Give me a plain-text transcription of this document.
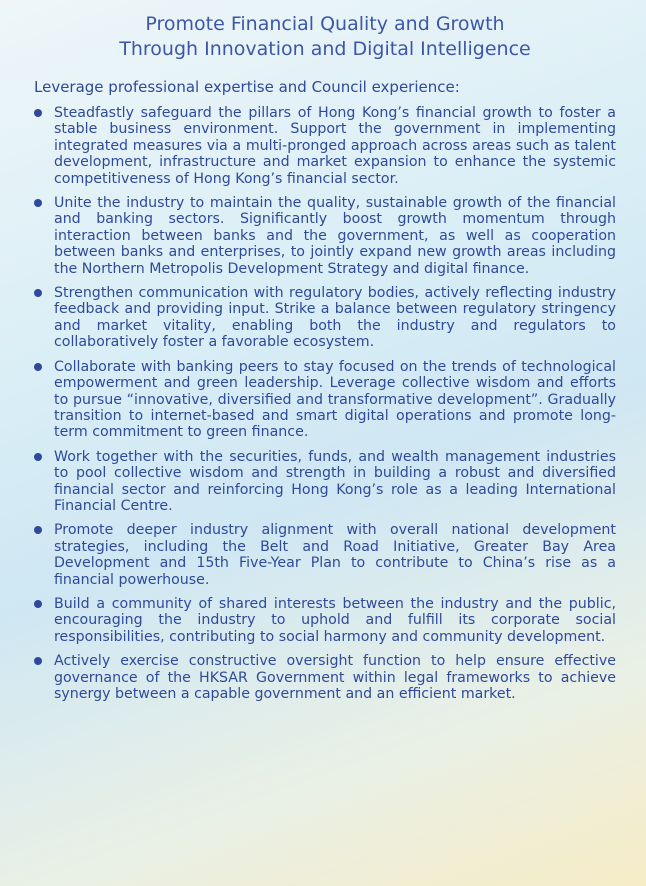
Promote Financial Quality and Growth
Through Innovation and Digital Intelligence

Leverage professional expertise and Council experience:

Steadfastly safeguard the pillars of Hong Kong’s financial growth to foster a stable business environment. Support the government in implementing integrated measures via a multi-pronged approach across areas such as talent development, infrastructure and market expansion to enhance the systemic competitiveness of Hong Kong’s financial sector.
Unite the industry to maintain the quality, sustainable growth of the financial and banking sectors. Significantly boost growth momentum through interaction between banks and the government, as well as cooperation between banks and enterprises, to jointly expand new growth areas including the Northern Metropolis Development Strategy and digital finance.
Strengthen communication with regulatory bodies, actively reflecting industry feedback and providing input. Strike a balance between regulatory stringency and market vitality, enabling both the industry and regulators to collaboratively foster a favorable ecosystem.
Collaborate with banking peers to stay focused on the trends of technological empowerment and green leadership. Leverage collective wisdom and efforts to pursue “innovative, diversified and transformative development”. Gradually transition to internet-based and smart digital operations and promote long-term commitment to green finance.
Work together with the securities, funds, and wealth management industries to pool collective wisdom and strength in building a robust and diversified financial sector and reinforcing Hong Kong’s role as a leading International Financial Centre.
Promote deeper industry alignment with overall national development strategies, including the Belt and Road Initiative, Greater Bay Area Development and 15th Five-Year Plan to contribute to China’s rise as a financial powerhouse.
Build a community of shared interests between the industry and the public, encouraging the industry to uphold and fulfill its corporate social responsibilities, contributing to social harmony and community development.
Actively exercise constructive oversight function to help ensure effective governance of the HKSAR Government within legal frameworks to achieve synergy between a capable government and an efficient market.
